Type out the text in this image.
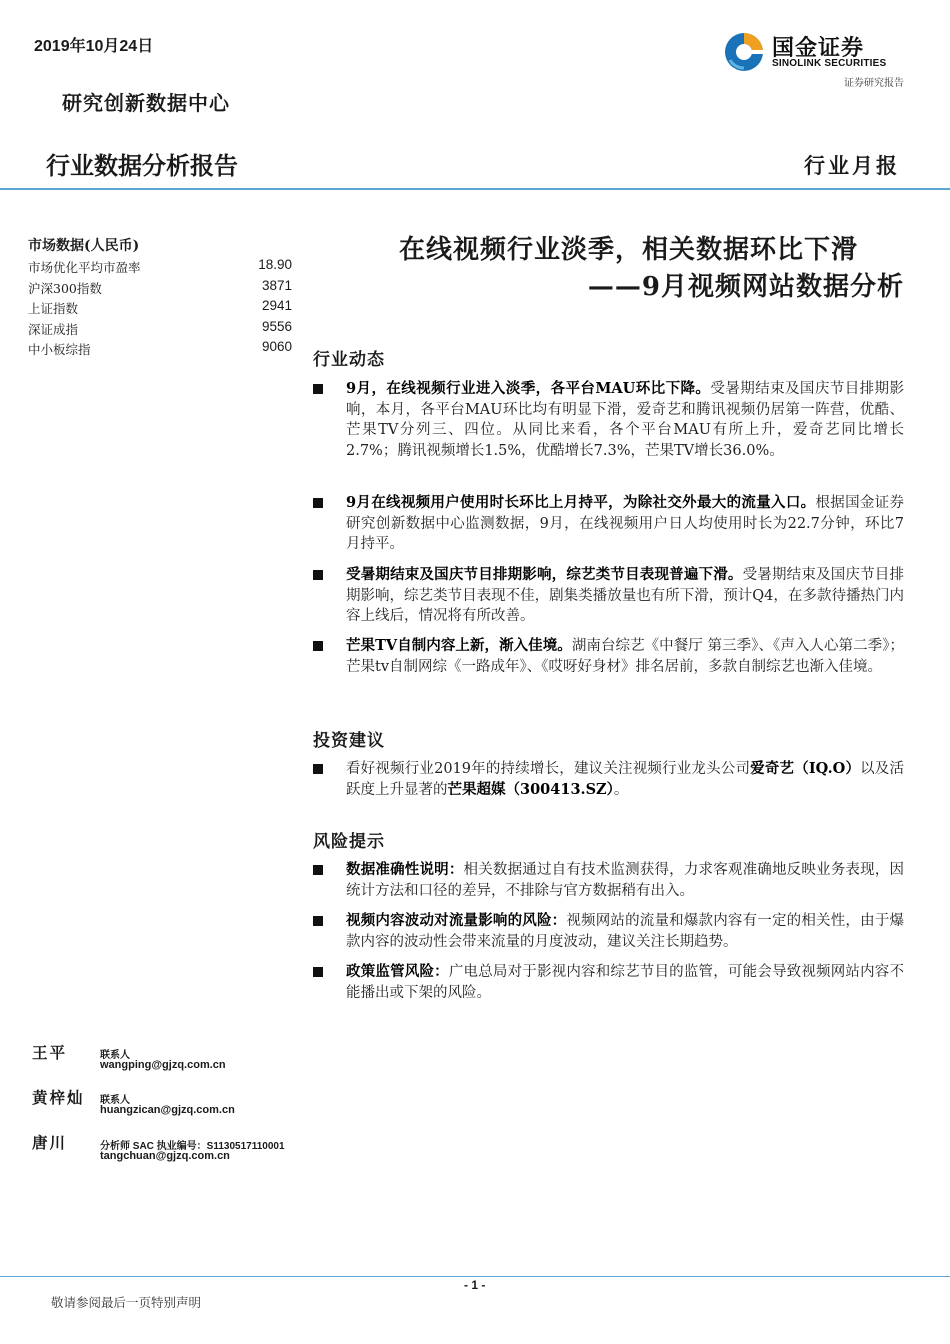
2019年10月24日
研究创新数据中心
行业数据分析报告	行业月报
国金证券
SINOLINK SECURITIES
证券研究报告
市场数据(人民币)
市场优化平均市盈率	18.90
沪深300指数	3871
上证指数	2941
深证成指	9556
中小板综指	9060
在线视频行业淡季，相关数据环比下滑
——9月视频网站数据分析
行业动态
9月，在线视频行业进入淡季，各平台MAU环比下降。受暑期结束及国庆节目排期影响，本月，各平台MAU环比均有明显下滑，爱奇艺和腾讯视频仍居第一阵营，优酷、芒果TV分列三、四位。从同比来看，各个平台MAU有所上升，爱奇艺同比增长2.7%；腾讯视频增长1.5%，优酷增长7.3%，芒果TV增长36.0%。
9月在线视频用户使用时长环比上月持平，为除社交外最大的流量入口。根据国金证券研究创新数据中心监测数据，9月，在线视频用户日人均使用时长为22.7分钟，环比7月持平。
受暑期结束及国庆节目排期影响，综艺类节目表现普遍下滑。受暑期结束及国庆节目排期影响，综艺类节目表现不佳，剧集类播放量也有所下滑，预计Q4，在多款待播热门内容上线后，情况将有所改善。
芒果TV自制内容上新，渐入佳境。湖南台综艺《中餐厅 第三季》、《声入人心第二季》；芒果tv自制网综《一路成年》、《哎呀好身材》排名居前，多款自制综艺也渐入佳境。
投资建议
看好视频行业2019年的持续增长，建议关注视频行业龙头公司爱奇艺（IQ.O）以及活跃度上升显著的芒果超媒（300413.SZ）。
风险提示
数据准确性说明：相关数据通过自有技术监测获得，力求客观准确地反映业务表现，因统计方法和口径的差异，不排除与官方数据稍有出入。
视频内容波动对流量影响的风险：视频网站的流量和爆款内容有一定的相关性，由于爆款内容的波动性会带来流量的月度波动，建议关注长期趋势。
政策监管风险：广电总局对于影视内容和综艺节目的监管，可能会导致视频网站内容不能播出或下架的风险。
王平	联系人
wangping@gjzq.com.cn
黄梓灿 联系人
huangzican@gjzq.com.cn
唐川	分析师 SAC 执业编号：S1130517110001
tangchuan@gjzq.com.cn
- 1 -
敬请参阅最后一页特别声明
